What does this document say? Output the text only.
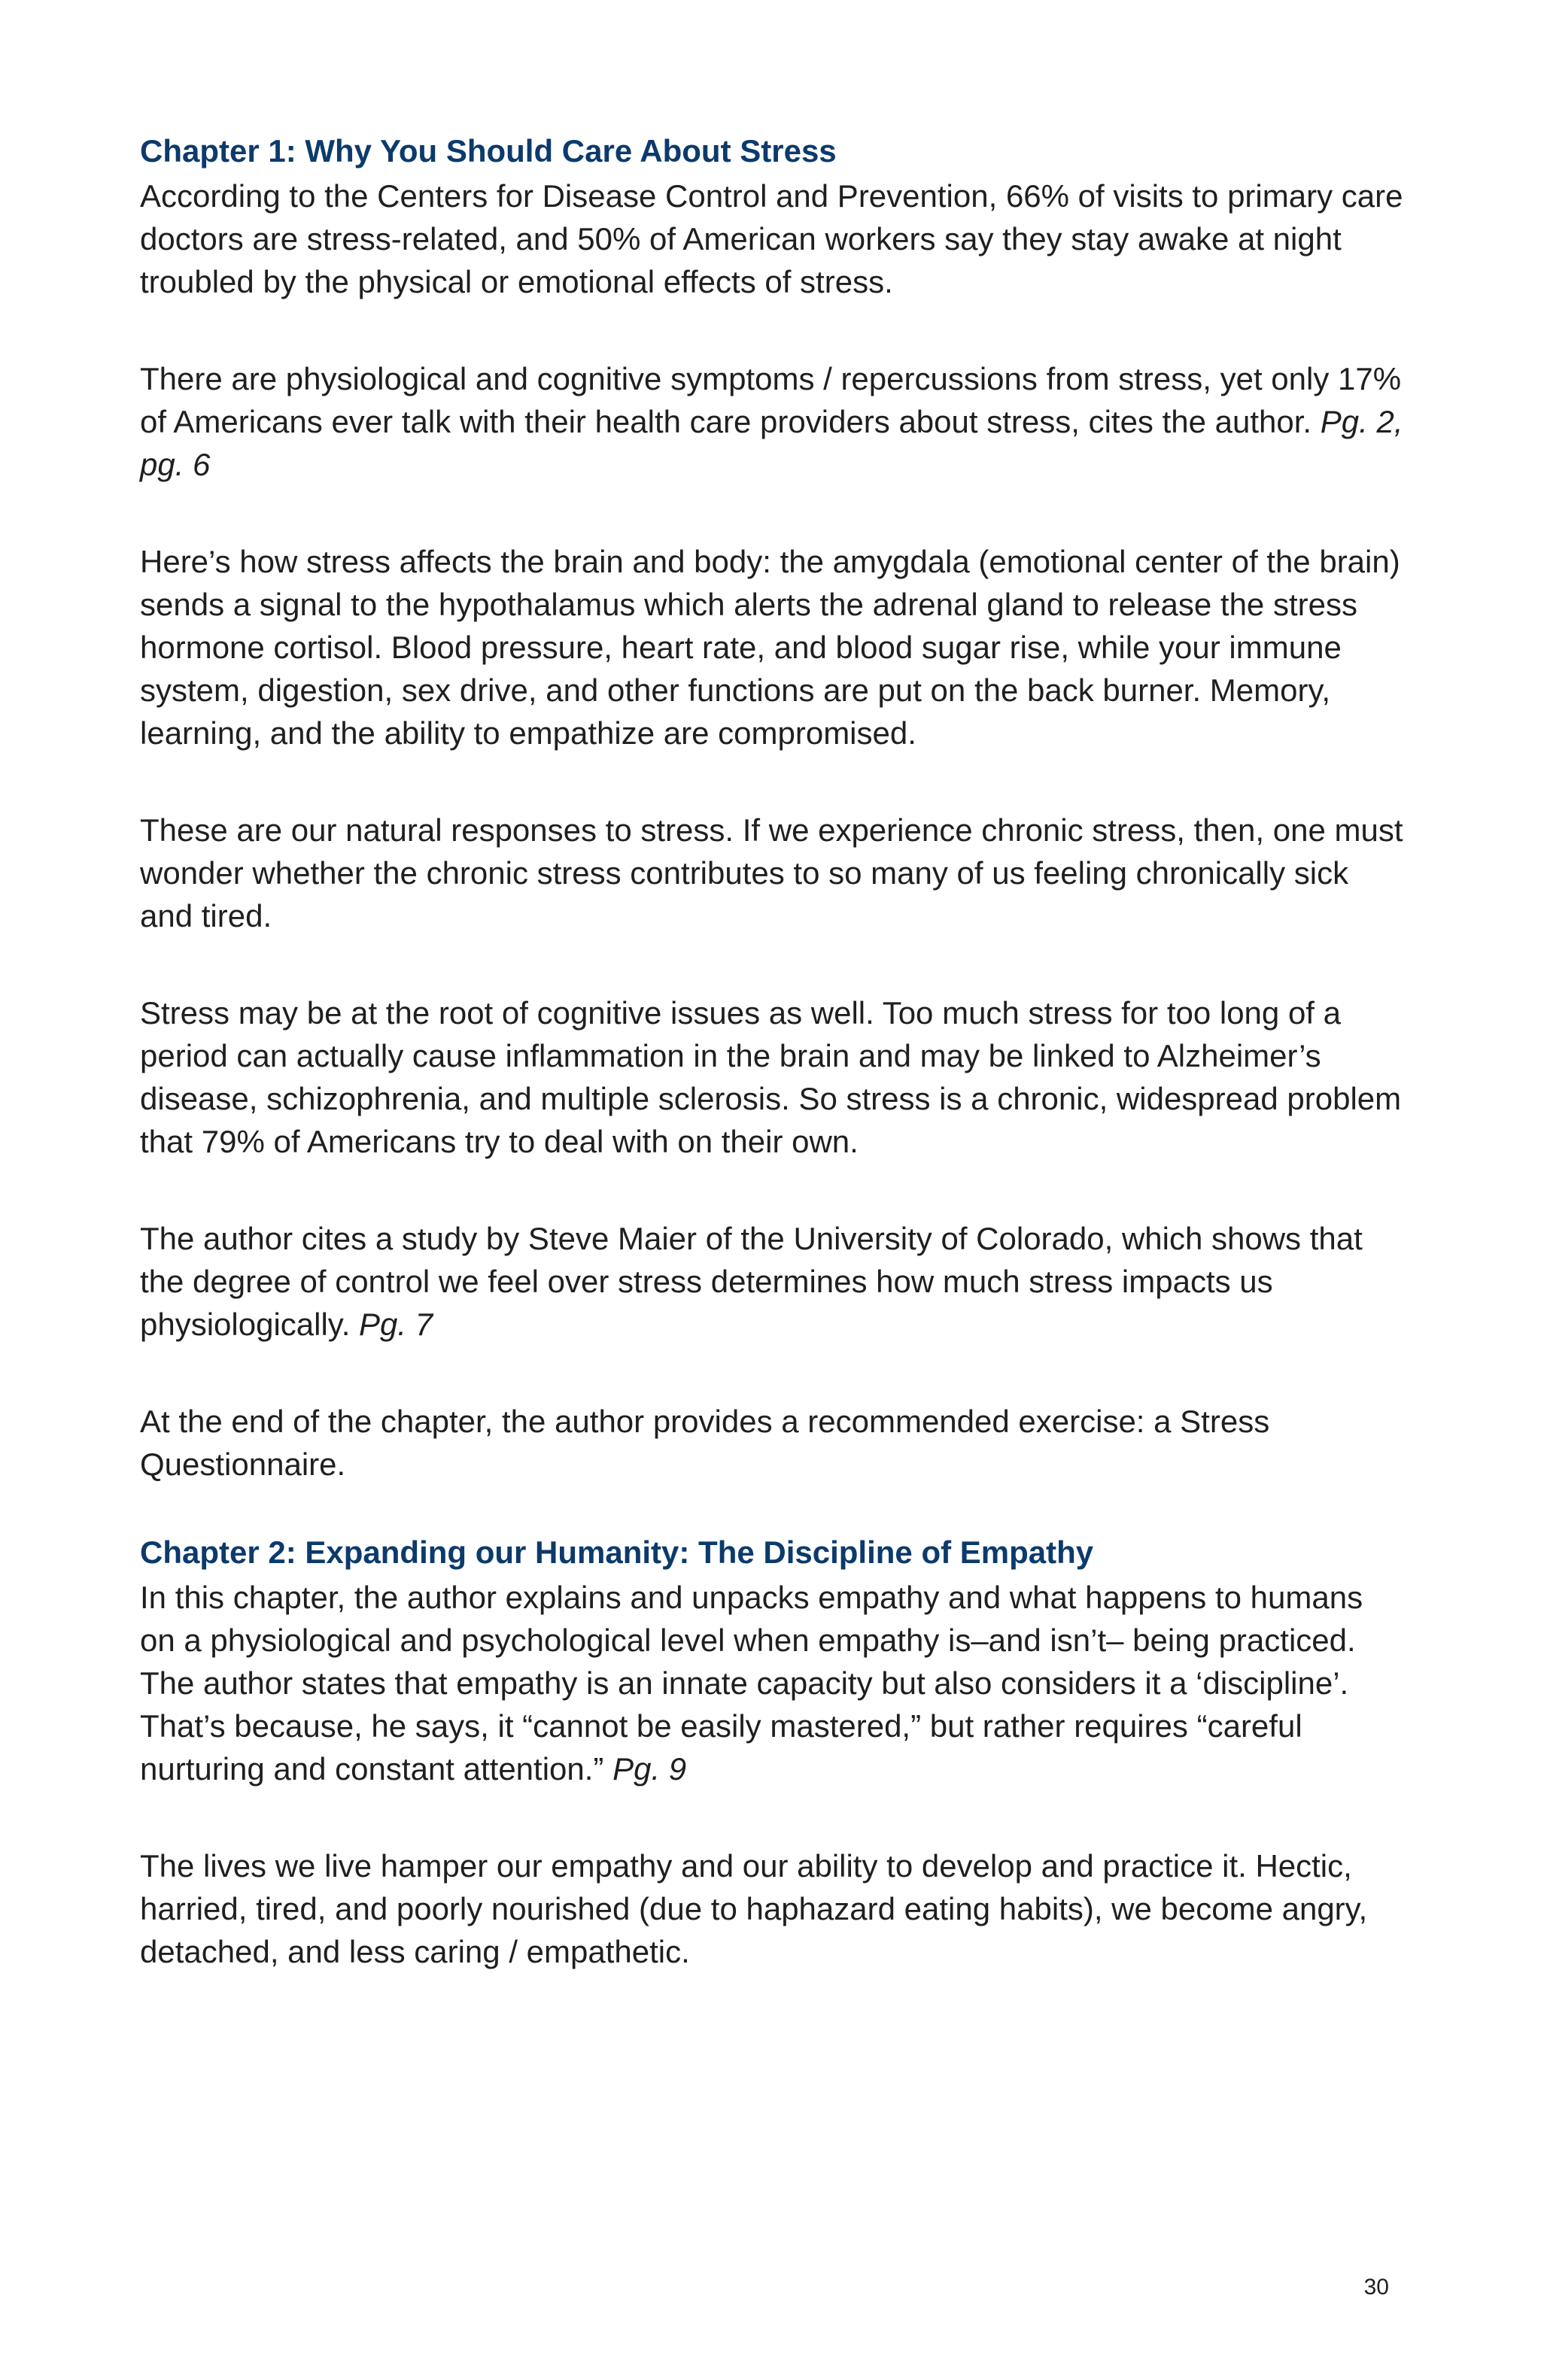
Chapter 1: Why You Should Care About Stress

According to the Centers for Disease Control and Prevention, 66% of visits to primary care doctors are stress-related, and 50% of American workers say they stay awake at night troubled by the physical or emotional effects of stress.

There are physiological and cognitive symptoms / repercussions from stress, yet only 17% of Americans ever talk with their health care providers about stress, cites the author. Pg. 2, pg. 6

Here’s how stress affects the brain and body: the amygdala (emotional center of the brain) sends a signal to the hypothalamus which alerts the adrenal gland to release the stress hormone cortisol. Blood pressure, heart rate, and blood sugar rise, while your immune system, digestion, sex drive, and other functions are put on the back burner. Memory, learning, and the ability to empathize are compromised.

These are our natural responses to stress. If we experience chronic stress, then, one must wonder whether the chronic stress contributes to so many of us feeling chronically sick and tired.

Stress may be at the root of cognitive issues as well. Too much stress for too long of a period can actually cause inflammation in the brain and may be linked to Alzheimer’s disease, schizophrenia, and multiple sclerosis. So stress is a chronic, widespread problem that 79% of Americans try to deal with on their own.

The author cites a study by Steve Maier of the University of Colorado, which shows that the degree of control we feel over stress determines how much stress impacts us physiologically. Pg. 7

At the end of the chapter, the author provides a recommended exercise: a Stress Questionnaire.

Chapter 2: Expanding our Humanity: The Discipline of Empathy

In this chapter, the author explains and unpacks empathy and what happens to humans on a physiological and psychological level when empathy is–and isn’t– being practiced. The author states that empathy is an innate capacity but also considers it a ‘discipline’. That’s because, he says, it “cannot be easily mastered,” but rather requires “careful nurturing and constant attention.” Pg. 9

The lives we live hamper our empathy and our ability to develop and practice it. Hectic, harried, tired, and poorly nourished (due to haphazard eating habits), we become angry, detached, and less caring / empathetic.

30
